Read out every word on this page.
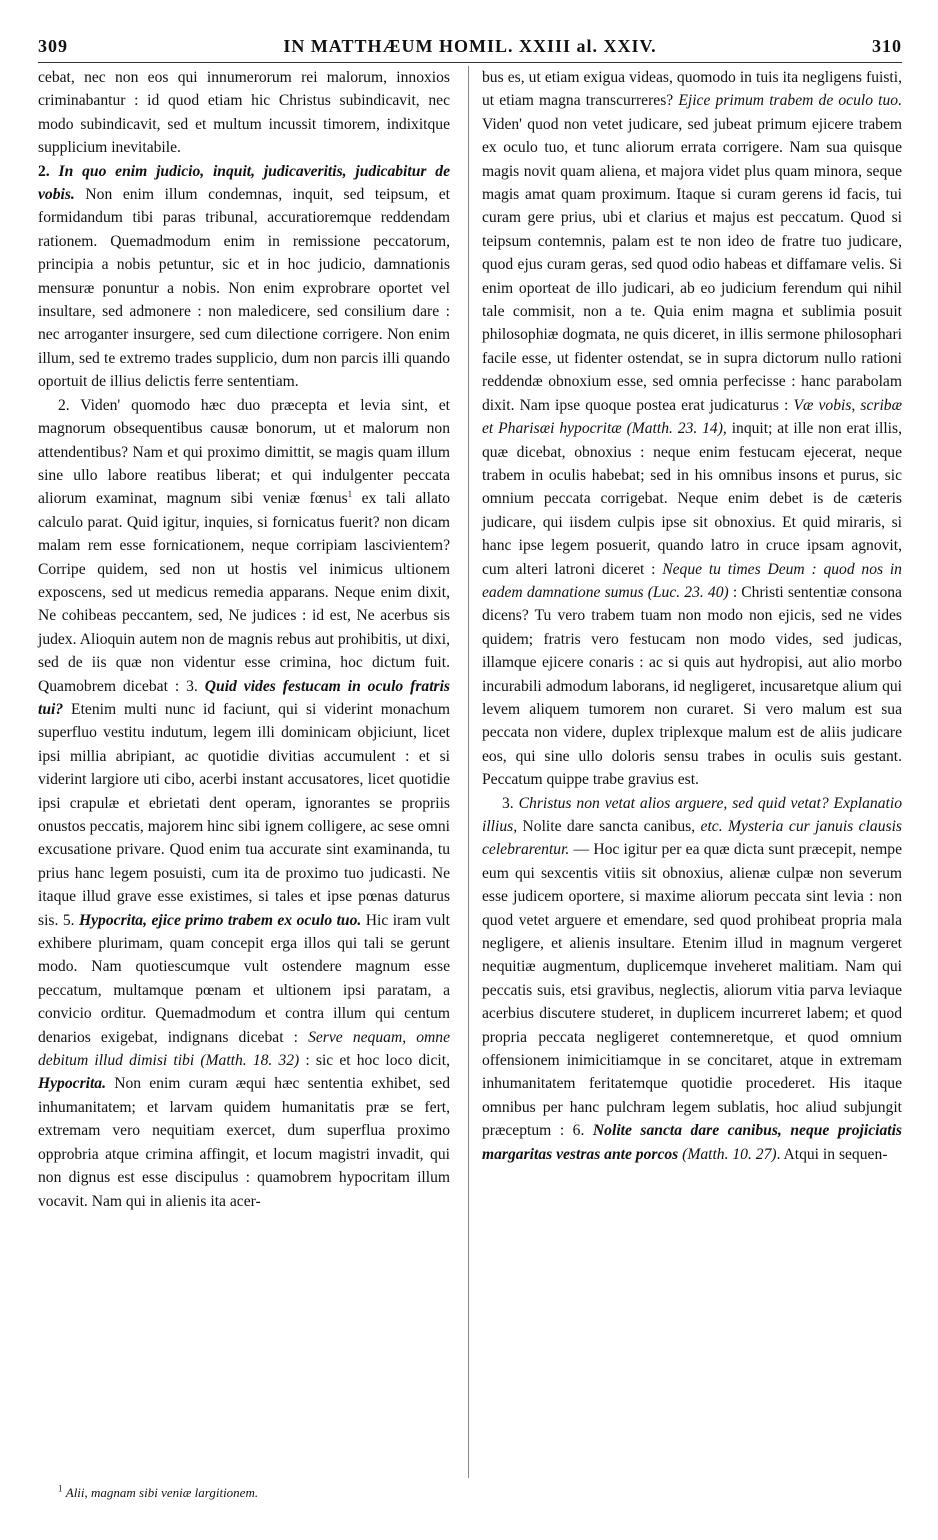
309	IN MATTHÆUM HOMIL. XXIII al. XXIV.	310

cebat, nec non eos qui innumerorum rei malorum, innoxios criminabantur : id quod etiam hic Christus subindicavit, nec modo subindicavit, sed et multum incussit timorem, indixitque supplicium inevitabile.

2. In quo enim judicio, inquit, judicaveritis, judicabitur de vobis. Non enim illum condemnas, inquit, sed teipsum, et formidandum tibi paras tribunal, accuratioremque reddendam rationem. Quemadmodum enim in remissione peccatorum, principia a nobis petuntur, sic et in hoc judicio, damnationis mensuræ ponuntur a nobis. Non enim exprobrare oportet vel insultare, sed admonere : non maledicere, sed consilium dare : nec arroganter insurgere, sed cum dilectione corrigere. Non enim illum, sed te extremo trades supplicio, dum non parcis illi quando oportuit de illius delictis ferre sententiam.

2. Viden' quomodo hæc duo præcepta et levia sint, et magnorum obsequentibus causæ bonorum, ut et malorum non attendentibus? Nam et qui proximo dimittit, se magis quam illum sine ullo labore reatibus liberat; et qui indulgenter peccata aliorum examinat, magnum sibi veniæ fœnus$^1$ ex tali allato calculo parat. Quid igitur, inquies, si fornicatus fuerit? non dicam malam rem esse fornicationem, neque corripiam lascivientem? Corripe quidem, sed non ut hostis vel inimicus ultionem exposcens, sed ut medicus remedia apparans. Neque enim dixit, Ne cohibeas peccantem, sed, Ne judices : id est, Ne acerbus sis judex. Alioquin autem non de magnis rebus aut prohibitis, ut dixi, sed de iis quæ non videntur esse crimina, hoc dictum fuit. Quamobrem dicebat : 3. Quid vides festucam in oculo fratris tui? Etenim multi nunc id faciunt, qui si viderint monachum superfluo vestitu indutum, legem illi dominicam objiciunt, licet ipsi millia abripiant, ac quotidie divitias accumulent : et si viderint largiore uti cibo, acerbi instant accusatores, licet quotidie ipsi crapulæ et ebrietati dent operam, ignorantes se propriis onustos peccatis, majorem hinc sibi ignem colligere, ac sese omni excusatione privare. Quod enim tua accurate sint examinanda, tu prius hanc legem posuisti, cum ita de proximo tuo judicasti. Ne itaque illud grave esse existimes, si tales et ipse pœnas daturus sis. 5. Hypocrita, ejice primo trabem ex oculo tuo. Hic iram vult exhibere plurimam, quam concepit erga illos qui tali se gerunt modo. Nam quotiescumque vult ostendere magnum esse peccatum, multamque pœnam et ultionem ipsi paratam, a convicio orditur. Quemadmodum et contra illum qui centum denarios exigebat, indignans dicebat : Serve nequam, omne debitum illud dimisi tibi (Matth. 18. 32) : sic et hoc loco dicit, Hypocrita. Non enim curam æqui hæc sententia exhibet, sed inhumanitatem; et larvam quidem humanitatis præ se fert, extremam vero nequitiam exercet, dum superflua proximo opprobria atque crimina affingit, et locum magistri invadit, qui non dignus est esse discipulus : quamobrem hypocritam illum vocavit. Nam qui in alienis ita acer-

bus es, ut etiam exigua videas, quomodo in tuis ita negligens fuisti, ut etiam magna transcurreres? Ejice primum trabem de oculo tuo. Viden' quod non vetet judicare, sed jubeat primum ejicere trabem ex oculo tuo, et tunc aliorum errata corrigere. Nam sua quisque magis novit quam aliena, et majora videt plus quam minora, seque magis amat quam proximum. Itaque si curam gerens id facis, tui curam gere prius, ubi et clarius et majus est peccatum. Quod si teipsum contemnis, palam est te non ideo de fratre tuo judicare, quod ejus curam geras, sed quod odio habeas et diffamare velis. Si enim oporteat de illo judicari, ab eo judicium ferendum qui nihil tale commisit, non a te. Quia enim magna et sublimia posuit philosophiæ dogmata, ne quis diceret, in illis sermone philosophari facile esse, ut fidenter ostendat, se in supra dictorum nullo rationi reddendæ obnoxium esse, sed omnia perfecisse : hanc parabolam dixit. Nam ipse quoque postea erat judicaturus : Væ vobis, scribæ et Pharisæi hypocritæ (Matth. 23. 14), inquit; at ille non erat illis, quæ dicebat, obnoxius : neque enim festucam ejecerat, neque trabem in oculis habebat; sed in his omnibus insons et purus, sic omnium peccata corrigebat. Neque enim debet is de cæteris judicare, qui iisdem culpis ipse sit obnoxius. Et quid miraris, si hanc ipse legem posuerit, quando latro in cruce ipsam agnovit, cum alteri latroni diceret : Neque tu times Deum : quod nos in eadem damnatione sumus (Luc. 23. 40) : Christi sententiæ consona dicens? Tu vero trabem tuam non modo non ejicis, sed ne vides quidem; fratris vero festucam non modo vides, sed judicas, illamque ejicere conaris : ac si quis aut hydropisi, aut alio morbo incurabili admodum laborans, id negligeret, incusaretque alium qui levem aliquem tumorem non curaret. Si vero malum est sua peccata non videre, duplex triplexque malum est de aliis judicare eos, qui sine ullo doloris sensu trabes in oculis suis gestant. Peccatum quippe trabe gravius est.

3. Christus non vetat alios arguere, sed quid vetat? Explanatio illius, Nolite dare sancta canibus, etc. Mysteria cur januis clausis celebrarentur. — Hoc igitur per ea quæ dicta sunt præcepit, nempe eum qui sexcentis vitiis sit obnoxius, alienæ culpæ non severum esse judicem oportere, si maxime aliorum peccata sint levia : non quod vetet arguere et emendare, sed quod prohibeat propria mala negligere, et alienis insultare. Etenim illud in magnum vergeret nequitiæ augmentum, duplicemque inveheret malitiam. Nam qui peccatis suis, etsi gravibus, neglectis, aliorum vitia parva leviaque acerbius discutere studeret, in duplicem incurreret labem; et quod propria peccata negligeret contemneretque, et quod omnium offensionem inimicitiamque in se concitaret, atque in extremam inhumanitatem feritatemque quotidie procederet. His itaque omnibus per hanc pulchram legem sublatis, hoc aliud subjungit præceptum : 6. Nolite sancta dare canibus, neque projiciatis margaritas vestras ante porcos (Matth. 10. 27). Atqui in sequen-

$^1$ Alii, magnam sibi veniæ largitionem.
